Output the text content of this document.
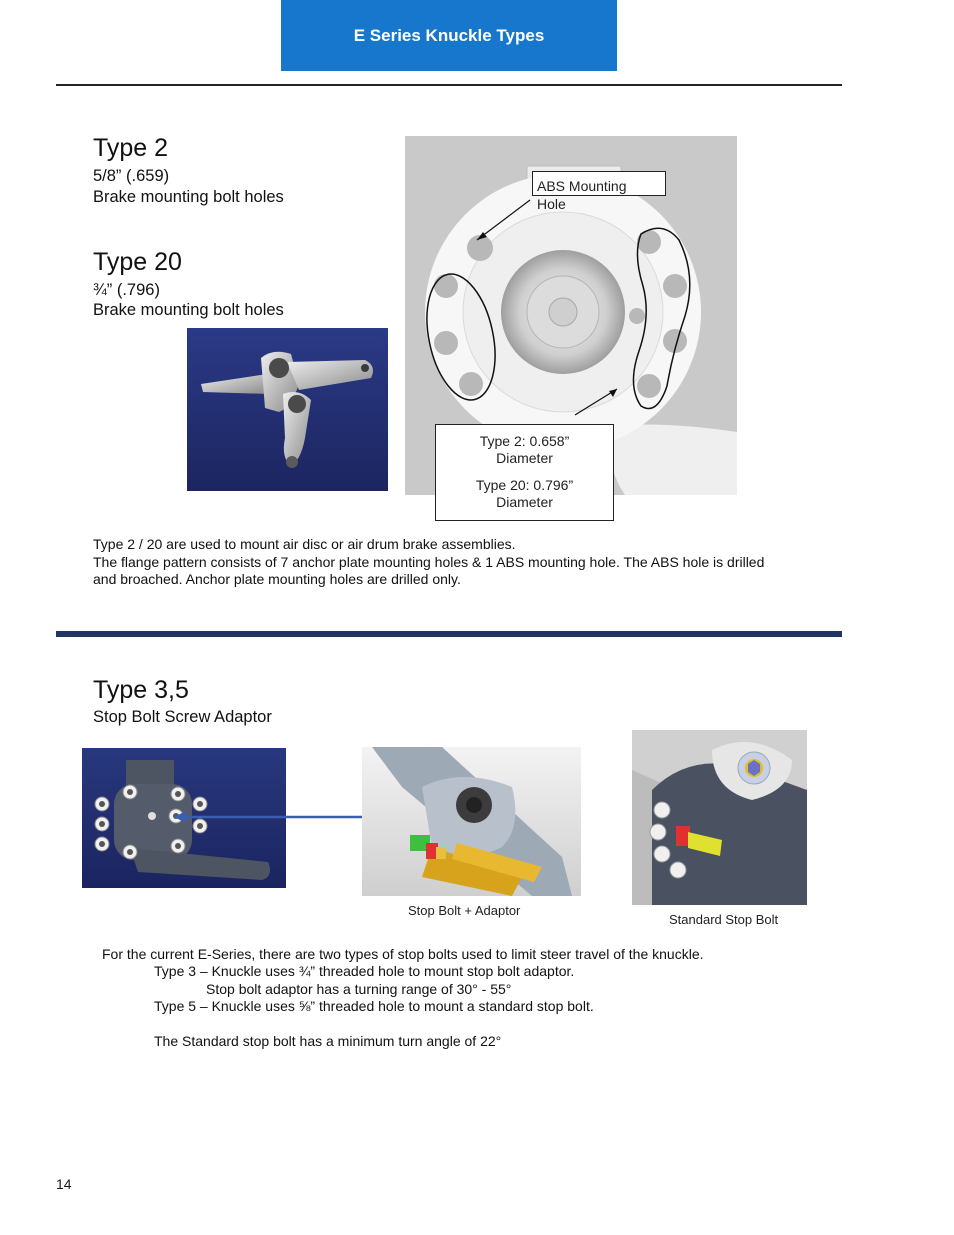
E Series Knuckle Types
Type 2
5/8” (.659)
Brake mounting bolt holes
Type 20
¾” (.796)
Brake mounting bolt holes
ABS Mounting Hole
Type 2: 0.658”
Diameter
Type 20: 0.796”
Diameter
Type 2 / 20 are used to mount air disc or air drum brake assemblies.
The flange pattern consists of 7 anchor plate mounting holes & 1 ABS mounting hole. The ABS hole is drilled
and broached. Anchor plate mounting holes are drilled only.
Type 3,5
Stop Bolt Screw Adaptor
Stop Bolt + Adaptor
Standard Stop Bolt
For the current E-Series, there are two types of stop bolts used to limit steer travel of the knuckle.
Type 3 – Knuckle uses ¾” threaded hole to mount stop bolt adaptor.
Stop bolt adaptor has a turning range of 30° - 55°
Type 5 – Knuckle uses ⅝” threaded hole to mount a standard stop bolt.
The Standard stop bolt has a minimum turn angle of 22°
14
